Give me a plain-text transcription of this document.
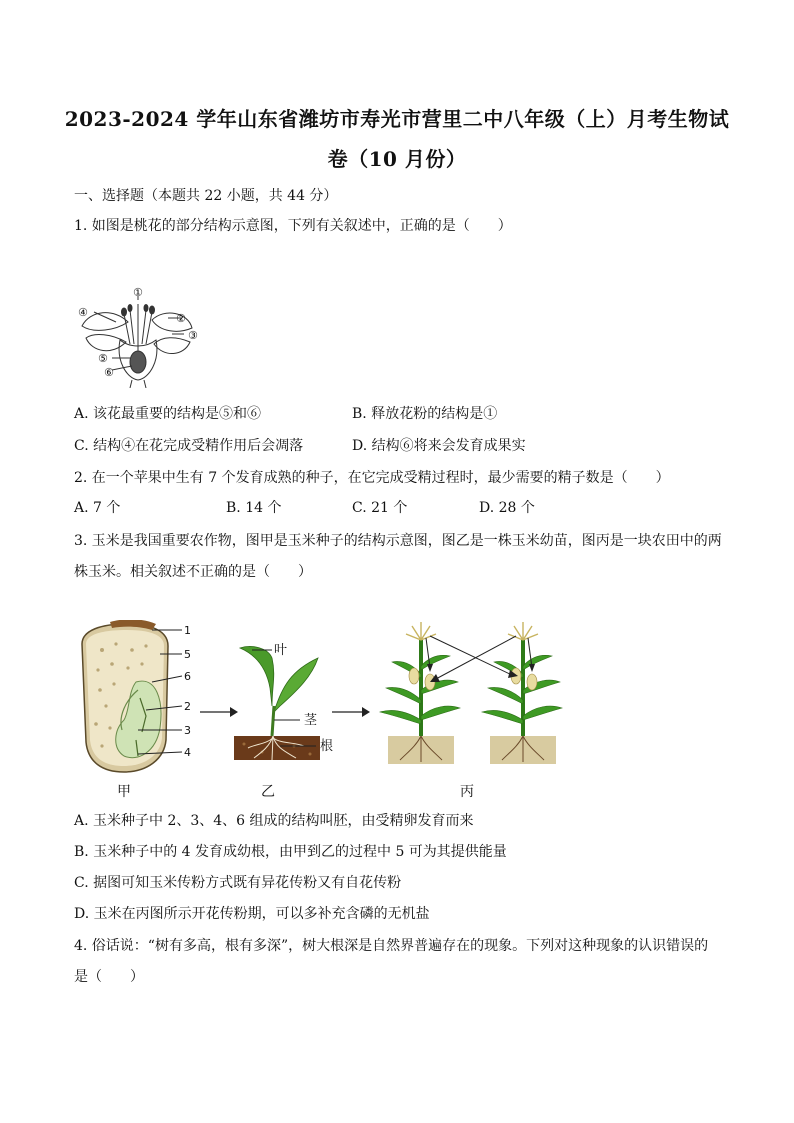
2023-2024 学年山东省潍坊市寿光市营里二中八年级（上）月考生物试
卷（10 月份）
一、选择题（本题共 22 小题，共 44 分）
1. 如图是桃花的部分结构示意图，下列有关叙述中，正确的是（　　）
①
②
③
④
⑤
⑥
A. 该花最重要的结构是⑤和⑥	B. 释放花粉的结构是①
C. 结构④在花完成受精作用后会凋落	D. 结构⑥将来会发育成果实
2. 在一个苹果中生有 7 个发育成熟的种子，在它完成受精过程时，最少需要的精子数是（　　）
A. 7 个	B. 14 个	C. 21 个	D. 28 个
3. 玉米是我国重要农作物，图甲是玉米种子的结构示意图，图乙是一株玉米幼苗，图丙是一块农田中的两
株玉米。相关叙述不正确的是（　　）
1
5
6
2
3
4
叶
茎
根
甲	乙	丙
A. 玉米种子中 2、3、4、6 组成的结构叫胚，由受精卵发育而来
B. 玉米种子中的 4 发育成幼根，由甲到乙的过程中 5 可为其提供能量
C. 据图可知玉米传粉方式既有异花传粉又有自花传粉
D. 玉米在丙图所示开花传粉期，可以多补充含磷的无机盐
4. 俗话说：“树有多高，根有多深”，树大根深是自然界普遍存在的现象。下列对这种现象的认识错误的
是（　　）
